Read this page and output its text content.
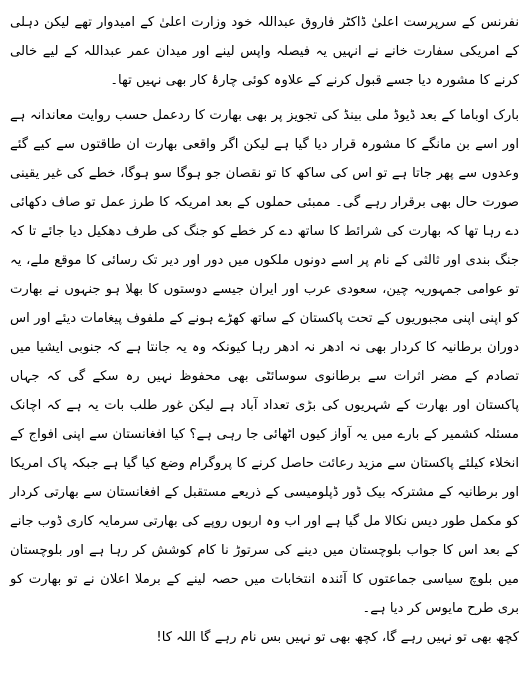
نفرنس کے سرپرست اعلیٰ ڈاکٹر فاروق عبداللہ خود وزارت اعلیٰ کے امیدوار تھے لیکن دہلی کے امریکی سفارت خانے نے انہیں یہ فیصلہ واپس لینے اور میدان عمر عبداللہ کے لیے خالی کرنے کا مشورہ دیا جسے قبول کرنے کے علاوہ کوئی چارۂ کار بھی نہیں تھا۔

بارک اوباما کے بعد ڈیوڈ ملی بینڈ کی تجویز پر بھی بھارت کا ردعمل حسب روایت معاندانہ ہے اور اسے بن مانگے کا مشورہ قرار دیا گیا ہے لیکن اگر واقعی بھارت ان طاقتوں سے کیے گئے وعدوں سے پھر جاتا ہے تو اس کی ساکھ کا تو نقصان جو ہوگا سو ہوگا، خطے کی غیر یقینی صورت حال بھی برقرار رہے گی۔ ممبئی حملوں کے بعد امریکہ کا طرز عمل تو صاف دکھائی دے رہا تھا کہ بھارت کی شرائط کا ساتھ دے کر خطے کو جنگ کی طرف دھکیل دیا جائے تا کہ جنگ بندی اور ثالثی کے نام پر اسے دونوں ملکوں میں دور اور دیر تک رسائی کا موقع ملے، یہ تو عوامی جمہوریہ چین، سعودی عرب اور ایران جیسے دوستوں کا بھلا ہو جنہوں نے بھارت کو اپنی اپنی مجبوریوں کے تحت پاکستان کے ساتھ کھڑے ہونے کے ملفوف پیغامات دیئے اور اس دوران برطانیہ کا کردار بھی نہ ادھر نہ ادھر رہا کیونکہ وہ یہ جانتا ہے کہ جنوبی ایشیا میں تصادم کے مضر اثرات سے برطانوی سوسائٹی بھی محفوظ نہیں رہ سکے گی کہ جہاں پاکستان اور بھارت کے شہریوں کی بڑی تعداد آباد ہے لیکن غور طلب بات یہ ہے کہ اچانک مسئلہ کشمیر کے بارے میں یہ آواز کیوں اٹھائی جا رہی ہے؟ کیا افغانستان سے اپنی افواج کے انخلاء کیلئے پاکستان سے مزید رعائت حاصل کرنے کا پروگرام وضع کیا گیا ہے جبکہ پاک امریکا اور برطانیہ کے مشترکہ بیک ڈور ڈپلومیسی کے ذریعے مستقبل کے افغانستان سے بھارتی کردار کو مکمل طور دیس نکالا مل گیا ہے اور اب وہ اربوں روپے کی بھارتی سرمایہ کاری ڈوب جانے کے بعد اس کا جواب بلوچستان میں دینے کی سرتوڑ نا کام کوشش کر رہا ہے اور بلوچستان میں بلوچ سیاسی جماعتوں کا آئندہ انتخابات میں حصہ لینے کے برملا اعلان نے تو بھارت کو بری طرح مایوس کر دیا ہے۔

کچھ بھی تو نہیں رہے گا، کچھ بھی تو نہیں بس نام رہے گا اللہ کا!
